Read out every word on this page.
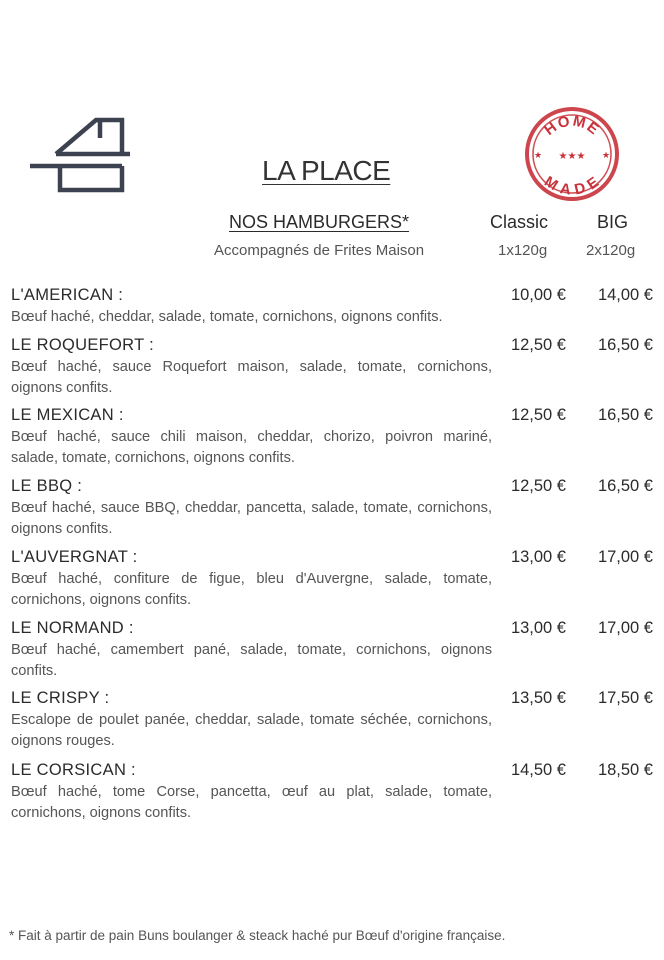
HOME
MADE
★★★
★	★
LA PLACE
NOS HAMBURGERS*
Accompagnés de Frites Maison
Classic	BIG
1x120g	2x120g
L'AMERICAN :	10,00 € 14,00 €
Bœuf haché, cheddar, salade, tomate, cornichons, oignons confits.
LE ROQUEFORT :	12,50 € 16,50 €
Bœuf haché, sauce Roquefort maison, salade, tomate, cornichons, oignons confits.
LE MEXICAN :	12,50 € 16,50 €
Bœuf haché, sauce chili maison, cheddar, chorizo, poivron mariné, salade, tomate, cornichons, oignons confits.
LE BBQ :	12,50 € 16,50 €
Bœuf haché, sauce BBQ, cheddar, pancetta, salade, tomate, cornichons, oignons confits.
L'AUVERGNAT :	13,00 € 17,00 €
Bœuf haché, confiture de figue, bleu d'Auvergne, salade, tomate, cornichons, oignons confits.
LE NORMAND :	13,00 € 17,00 €
Bœuf haché, camembert pané, salade, tomate, cornichons, oignons confits.
LE CRISPY :	13,50 € 17,50 €
Escalope de poulet panée, cheddar, salade, tomate séchée, cornichons, oignons rouges.
LE CORSICAN :	14,50 € 18,50 €
Bœuf haché, tome Corse, pancetta, œuf au plat, salade, tomate, cornichons, oignons confits.
* Fait à partir de pain Buns boulanger & steack haché pur Bœuf d'origine française.
